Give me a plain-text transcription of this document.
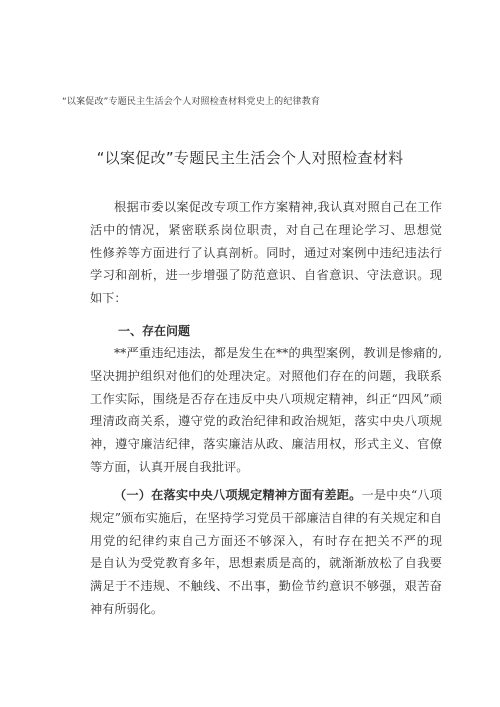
“以案促改”专题民主生活会个人对照检查材料党史上的纪律教育
“以案促改”专题民主生活会个人对照检查材料
根据市委以案促改专项工作方案精神,我认真对照自己在工作
活中的情况，紧密联系岗位职责，对自己在理论学习、思想觉
性修养等方面进行了认真剖析。同时，通过对案例中违纪违法行
学习和剖析，进一步增强了防范意识、自省意识、守法意识。现
如下：
一、存在问题
**严重违纪违法，都是发生在**的典型案例，教训是惨痛的,
坚决拥护组织对他们的处理决定。对照他们存在的问题，我联系
工作实际，围绕是否存在违反中央八项规定精神，纠正“四风”顽
理清政商关系，遵守党的政治纪律和政治规矩，落实中央八项规
神，遵守廉洁纪律，落实廉洁从政、廉洁用权，形式主义、官僚
等方面，认真开展自我批评。
（一）在落实中央八项规定精神方面有差距。一是中央“八项
规定”颁布实施后，在坚持学习党员干部廉洁自律的有关规定和自
用党的纪律约束自己方面还不够深入，有时存在把关不严的现
是自认为受党教育多年，思想素质是高的，就渐渐放松了自我要
满足于不违规、不触线、不出事，勤俭节约意识不够强，艰苦奋
神有所弱化。
